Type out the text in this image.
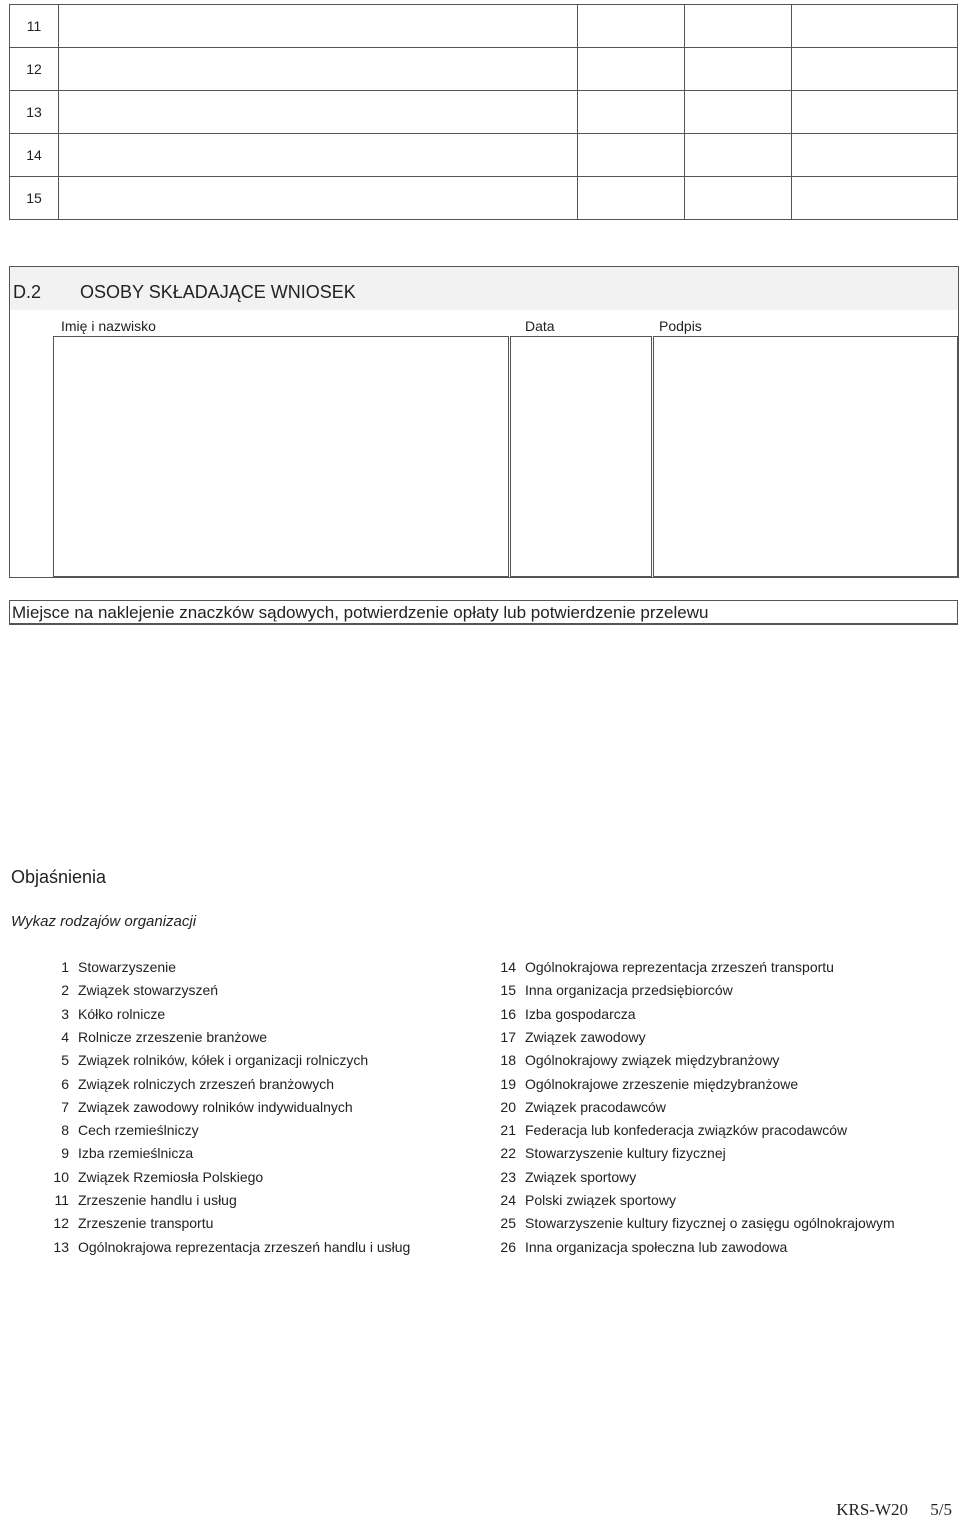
11				
12				
13				
14				
15				
D.2 OSOBY SKŁADAJĄCE WNIOSEK
Imię i nazwisko	Data	Podpis
Miejsce na naklejenie znaczków sądowych, potwierdzenie opłaty lub potwierdzenie przelewu
Objaśnienia
Wykaz rodzajów organizacji
1 Stowarzyszenie
2 Związek stowarzyszeń
3 Kółko rolnicze
4 Rolnicze zrzeszenie branżowe
5 Związek rolników, kółek i organizacji rolniczych
6 Związek rolniczych zrzeszeń branżowych
7 Związek zawodowy rolników indywidualnych
8 Cech rzemieślniczy
9 Izba rzemieślnicza
10 Związek Rzemiosła Polskiego
11 Zrzeszenie handlu i usług
12 Zrzeszenie transportu
13 Ogólnokrajowa reprezentacja zrzeszeń handlu i usług
14 Ogólnokrajowa reprezentacja zrzeszeń transportu
15 Inna organizacja przedsiębiorców
16 Izba gospodarcza
17 Związek zawodowy
18 Ogólnokrajowy związek międzybranżowy
19 Ogólnokrajowe zrzeszenie międzybranżowe
20 Związek pracodawców
21 Federacja lub konfederacja związków pracodawców
22 Stowarzyszenie kultury fizycznej
23 Związek sportowy
24 Polski związek sportowy
25 Stowarzyszenie kultury fizycznej o zasięgu ogólnokrajowym
26 Inna organizacja społeczna lub zawodowa
KRS-W20 5/5
